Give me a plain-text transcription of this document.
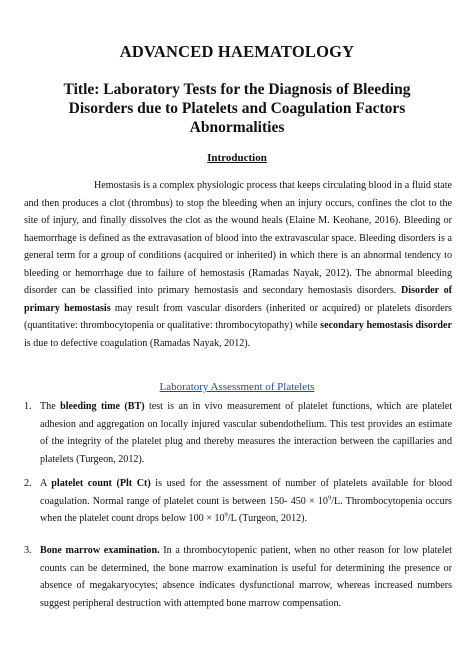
ADVANCED HAEMATOLOGY
Title: Laboratory Tests for the Diagnosis of Bleeding Disorders due to Platelets and Coagulation Factors Abnormalities
Introduction
Hemostasis is a complex physiologic process that keeps circulating blood in a fluid state and then produces a clot (thrombus) to stop the bleeding when an injury occurs, confines the clot to the site of injury, and finally dissolves the clot as the wound heals (Elaine M. Keohane, 2016). Bleeding or haemorrhage is defined as the extravasation of blood into the extravascular space. Bleeding disorders is a general term for a group of conditions (acquired or inherited) in which there is an abnormal tendency to bleeding or hemorrhage due to failure of hemostasis (Ramadas Nayak, 2012). The abnormal bleeding disorder can be classified into primary hemostasis and secondary hemostasis disorders. Disorder of primary hemostasis may result from vascular disorders (inherited or acquired) or platelets disorders (quantitative: thrombocytopenia or qualitative: thrombocytopathy) while secondary hemostasis disorder is due to defective coagulation (Ramadas Nayak, 2012).
Laboratory Assessment of Platelets
1. The bleeding time (BT) test is an in vivo measurement of platelet functions, which are platelet adhesion and aggregation on locally injured vascular subendothelium. This test provides an estimate of the integrity of the platelet plug and thereby measures the interaction between the capillaries and platelets (Turgeon, 2012).
2. A platelet count (Plt Ct) is used for the assessment of number of platelets available for blood coagulation. Normal range of platelet count is between 150- $450 \times 10^9/L$. Thrombocytopenia occurs when the platelet count drops below $100 \times 10^9/L$ (Turgeon, 2012).
3. Bone marrow examination. In a thrombocytopenic patient, when no other reason for low platelet counts can be determined, the bone marrow examination is useful for determining the presence or absence of megakaryocytes; absence indicates dysfunctional marrow, whereas increased numbers suggest peripheral destruction with attempted bone marrow compensation.
